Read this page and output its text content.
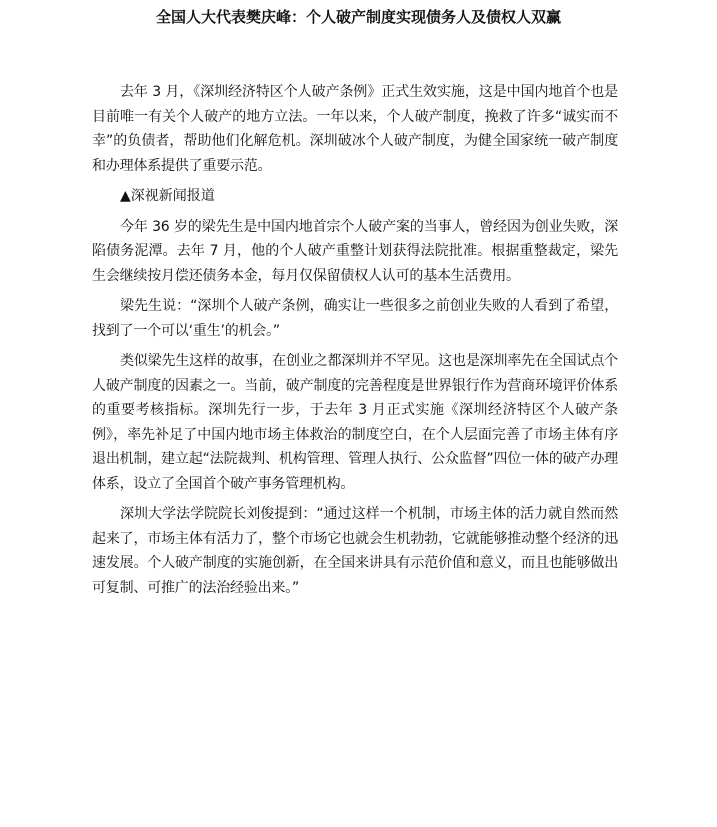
全国人大代表樊庆峰：个人破产制度实现债务人及债权人双赢

去年 3 月，《深圳经济特区个人破产条例》正式生效实施，这是中国内地首个也是目前唯一有关个人破产的地方立法。一年以来，个人破产制度，挽救了许多“诚实而不幸”的负债者，帮助他们化解危机。深圳破冰个人破产制度，为健全国家统一破产制度和办理体系提供了重要示范。

▲深视新闻报道

今年 36 岁的梁先生是中国内地首宗个人破产案的当事人，曾经因为创业失败，深陷债务泥潭。去年 7 月，他的个人破产重整计划获得法院批准。根据重整裁定，梁先生会继续按月偿还债务本金，每月仅保留债权人认可的基本生活费用。

梁先生说：“深圳个人破产条例，确实让一些很多之前创业失败的人看到了希望，找到了一个可以‘重生’的机会。”

类似梁先生这样的故事，在创业之都深圳并不罕见。这也是深圳率先在全国试点个人破产制度的因素之一。当前，破产制度的完善程度是世界银行作为营商环境评价体系的重要考核指标。深圳先行一步，于去年 3 月正式实施《深圳经济特区个人破产条例》，率先补足了中国内地市场主体救治的制度空白，在个人层面完善了市场主体有序退出机制，建立起“法院裁判、机构管理、管理人执行、公众监督”四位一体的破产办理体系，设立了全国首个破产事务管理机构。

深圳大学法学院院长刘俊提到：“通过这样一个机制，市场主体的活力就自然而然起来了，市场主体有活力了，整个市场它也就会生机勃勃，它就能够推动整个经济的迅速发展。个人破产制度的实施创新，在全国来讲具有示范价值和意义，而且也能够做出可复制、可推广的法治经验出来。”
